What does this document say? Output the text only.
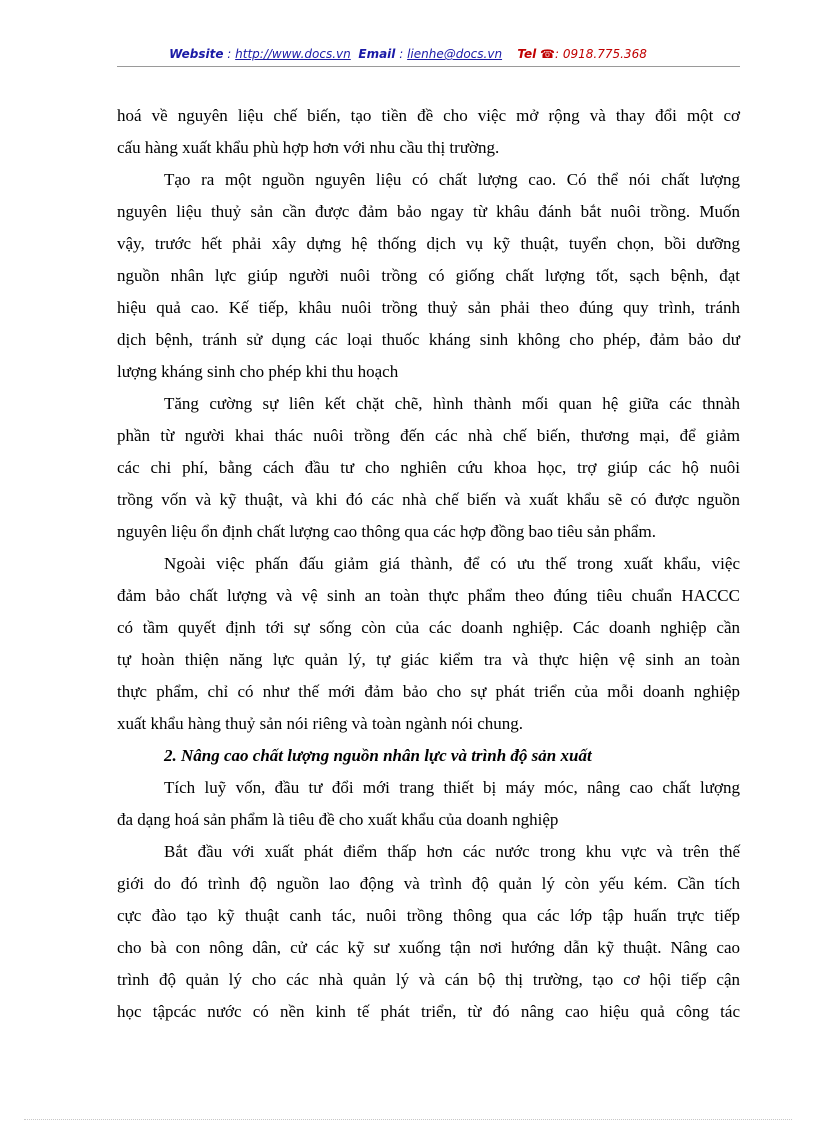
Website : http://www.docs.vn Email : lienhe@docs.vn Tel ☎: 0918.775.368
hoá về nguyên liệu chế biến, tạo tiền đề cho việc mở rộng và thay đổi một cơ
cấu hàng xuất khẩu phù hợp hơn với nhu cầu thị trường.
Tạo ra một nguồn nguyên liệu có chất lượng cao. Có thể nói chất lượng
nguyên liệu thuỷ sản cần được đảm bảo ngay từ khâu đánh bắt nuôi trồng. Muốn
vậy, trước hết phải xây dựng hệ thống dịch vụ kỹ thuật, tuyển chọn, bồi dưỡng
nguồn nhân lực giúp người nuôi trồng có giống chất lượng tốt, sạch bệnh, đạt
hiệu quả cao. Kế tiếp, khâu nuôi trồng thuỷ sản phải theo đúng quy trình, tránh
dịch bệnh, tránh sử dụng các loại thuốc kháng sinh không cho phép, đảm bảo dư
lượng kháng sinh cho phép khi thu hoạch
Tăng cường sự liên kết chặt chẽ, hình thành mối quan hệ giữa các thnàh
phần từ người khai thác nuôi trồng đến các nhà chế biến, thương mại, để giảm
các chi phí, bằng cách đầu tư cho nghiên cứu khoa học, trợ giúp các hộ nuôi
trồng vốn và kỹ thuật, và khi đó các nhà chế biến và xuất khẩu sẽ có được nguồn
nguyên liệu ổn định chất lượng cao thông qua các hợp đồng bao tiêu sản phẩm.
Ngoài việc phấn đấu giảm giá thành, để có ưu thế trong xuất khẩu, việc
đảm bảo chất lượng và vệ sinh an toàn thực phẩm theo đúng tiêu chuẩn HACCC
có tầm quyết định tới sự sống còn của các doanh nghiệp. Các doanh nghiệp cần
tự hoàn thiện năng lực quản lý, tự giác kiểm tra và thực hiện vệ sinh an toàn
thực phẩm, chỉ có như thế mới đảm bảo cho sự phát triển của mỗi doanh nghiệp
xuất khẩu hàng thuỷ sản nói riêng và toàn ngành nói chung.
2. Nâng cao chất lượng nguồn nhân lực và trình độ sản xuất
Tích luỹ vốn, đầu tư đổi mới trang thiết bị máy móc, nâng cao chất lượng
đa dạng hoá sản phẩm là tiêu đề cho xuất khẩu của doanh nghiệp
Bắt đầu với xuất phát điểm thấp hơn các nước trong khu vực và trên thế
giới do đó trình độ nguồn lao động và trình độ quản lý còn yếu kém. Cần tích
cực đào tạo kỹ thuật canh tác, nuôi trồng thông qua các lớp tập huấn trực tiếp
cho bà con nông dân, cử các kỹ sư xuống tận nơi hướng dẫn kỹ thuật. Nâng cao
trình độ quản lý cho các nhà quản lý và cán bộ thị trường, tạo cơ hội tiếp cận
học tậpcác nước có nền kinh tế phát triển, từ đó nâng cao hiệu quả công tác
